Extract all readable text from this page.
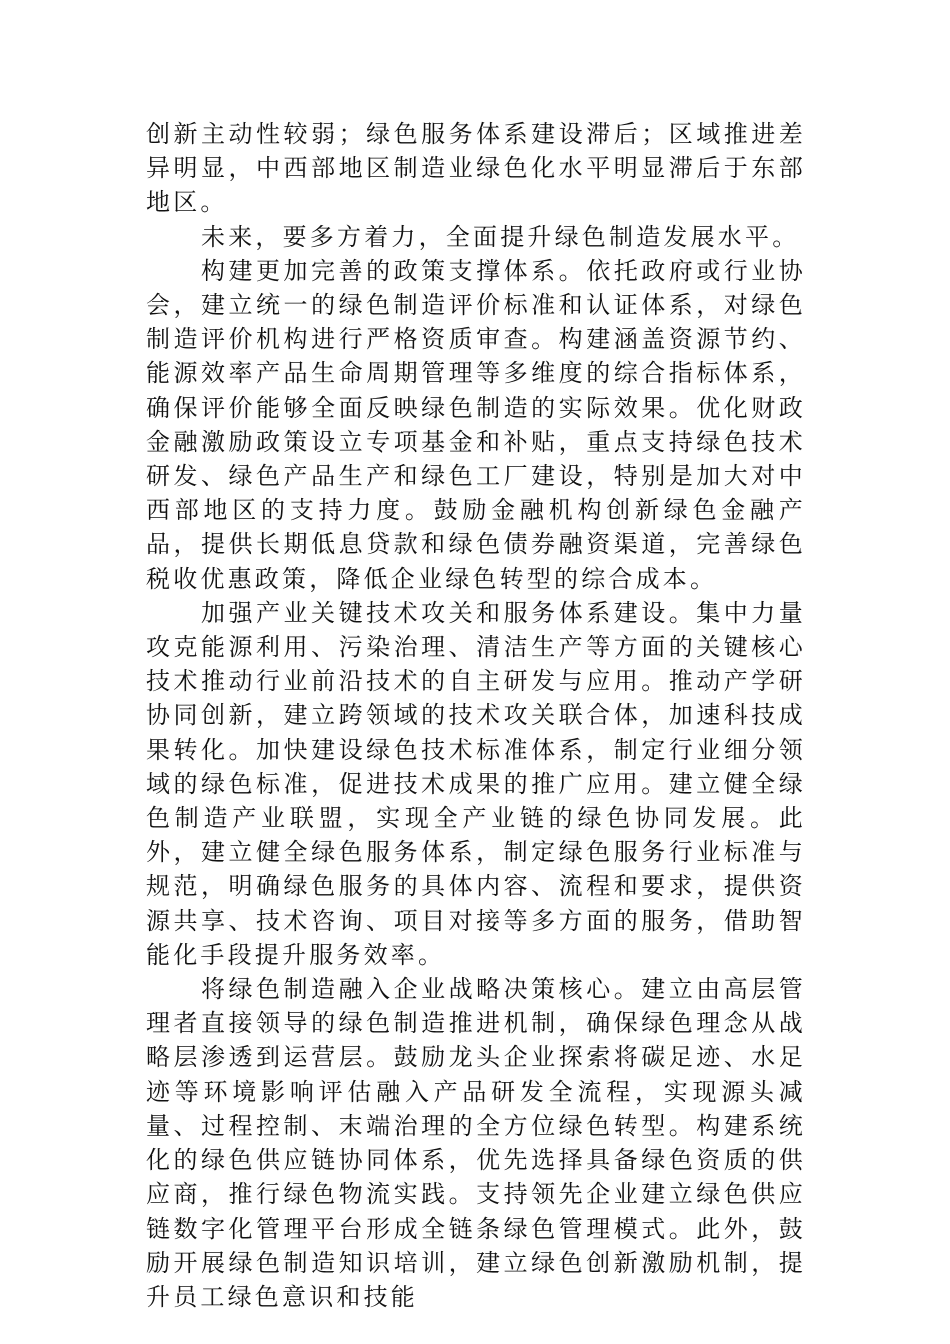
创新主动性较弱；绿色服务体系建设滞后；区域推进差异明显，中西部地区制造业绿色化水平明显滞后于东部地区。

未来，要多方着力，全面提升绿色制造发展水平。

构建更加完善的政策支撑体系。依托政府或行业协会，建立统一的绿色制造评价标准和认证体系，对绿色制造评价机构进行严格资质审查。构建涵盖资源节约、能源效率产品生命周期管理等多维度的综合指标体系，确保评价能够全面反映绿色制造的实际效果。优化财政金融激励政策设立专项基金和补贴，重点支持绿色技术研发、绿色产品生产和绿色工厂建设，特别是加大对中西部地区的支持力度。鼓励金融机构创新绿色金融产品，提供长期低息贷款和绿色债券融资渠道，完善绿色税收优惠政策，降低企业绿色转型的综合成本。

加强产业关键技术攻关和服务体系建设。集中力量攻克能源利用、污染治理、清洁生产等方面的关键核心技术推动行业前沿技术的自主研发与应用。推动产学研协同创新，建立跨领域的技术攻关联合体，加速科技成果转化。加快建设绿色技术标准体系，制定行业细分领域的绿色标准，促进技术成果的推广应用。建立健全绿色制造产业联盟，实现全产业链的绿色协同发展。此外，建立健全绿色服务体系，制定绿色服务行业标准与规范，明确绿色服务的具体内容、流程和要求，提供资源共享、技术咨询、项目对接等多方面的服务，借助智能化手段提升服务效率。

将绿色制造融入企业战略决策核心。建立由高层管理者直接领导的绿色制造推进机制，确保绿色理念从战略层渗透到运营层。鼓励龙头企业探索将碳足迹、水足迹等环境影响评估融入产品研发全流程，实现源头减量、过程控制、末端治理的全方位绿色转型。构建系统化的绿色供应链协同体系，优先选择具备绿色资质的供应商，推行绿色物流实践。支持领先企业建立绿色供应链数字化管理平台形成全链条绿色管理模式。此外，鼓励开展绿色制造知识培训，建立绿色创新激励机制，提升员工绿色意识和技能
